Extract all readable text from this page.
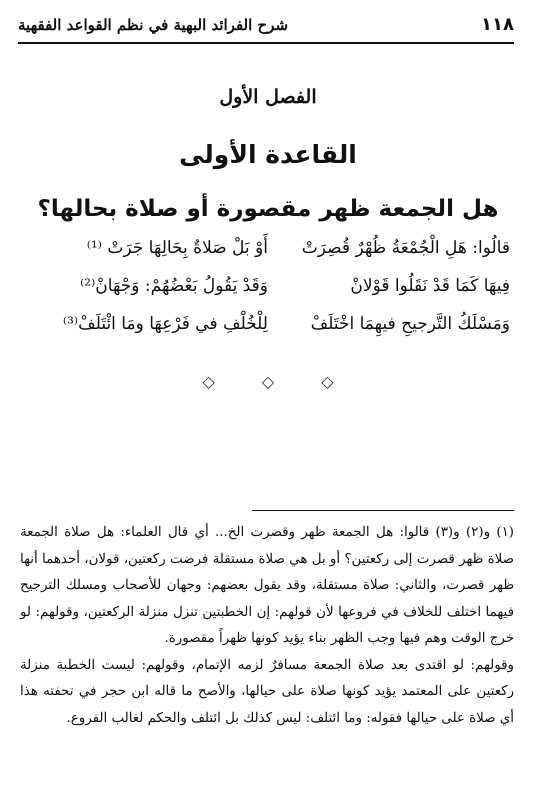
١١٨
شرح الفرائد البهية في نظم القواعد الفقهية
الفصل الأول
القاعدة الأولى
هل الجمعة ظهر مقصورة أو صلاة بحالها؟
قالُوا: هَلِ الْجُمْعَةُ ظُهْرٌ قُصِرَتْ
أَوْ بَلْ صَلاةٌ بِحَالِهَا جَرَتْ ⁽¹⁾
فِيهَا كَمَا قَدْ نَقَلُوا قَوْلانْ
وَقَدْ يَقُولُ بَعْضُهُمْ: وَجْهَانْ⁽²⁾
وَمَسْلَكُ التَّرجيحِ فيهِمَا اخْتَلَفْ
لِلْخُلْفِ في فَرْعِهَا ومَا ائْتَلَفْ⁽³⁾
◇ ◇ ◇

(١) و(٢) و(٣) قالوا: هل الجمعة ظهر وقصرت الخ... أي قال العلماء: هل صلاة الجمعة صلاة ظهر قصرت إلى ركعتين؟ أو بل هي صلاة مستقلة فرضت ركعتين، قولان، أحدهما أنها ظهر قصرت، والثاني: صلاة مستقلة، وقد يقول بعضهم: وجهان للأصحاب ومسلك الترجيح فيهما اختلف للخلاف في فروعها لأن قولهم: إن الخطبتين تنزل منزلة الركعتين، وقولهم: لو خرج الوقت وهم فيها وجب الظهر بناء يؤيد كونها ظهراً مقصورة.

وقولهم: لو اقتدى بعد صلاة الجمعة مسافرٌ لزمه الإتمام، وقولهم: ليست الخطبة منزلة ركعتين على المعتمد يؤيد كونها صلاة على حيالها، والأصح ما قاله ابن حجر في تحفته هذا أي صلاة على حيالها فقوله: وما ائتلف: ليس كذلك بل ائتلف والحكم لغالب الفروع.
